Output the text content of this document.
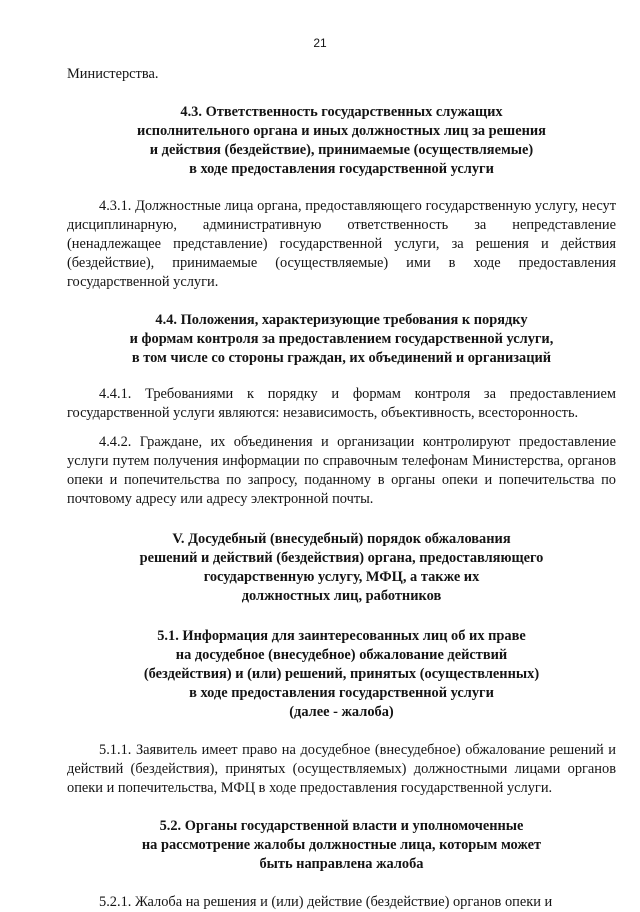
21

Министерства.

4.3. Ответственность государственных служащих
исполнительного органа и иных должностных лиц за решения
и действия (бездействие), принимаемые (осуществляемые)
в ходе предоставления государственной услуги

4.3.1. Должностные лица органа, предоставляющего государственную услугу, несут дисциплинарную, административную ответственность за непредставление (ненадлежащее представление) государственной услуги, за решения и действия (бездействие), принимаемые (осуществляемые) ими в ходе предоставления государственной услуги.

4.4. Положения, характеризующие требования к порядку
и формам контроля за предоставлением государственной услуги,
в том числе со стороны граждан, их объединений и организаций

4.4.1. Требованиями к порядку и формам контроля за предоставлением государственной услуги являются: независимость, объективность, всесторонность.

4.4.2. Граждане, их объединения и организации контролируют предоставление услуги путем получения информации по справочным телефонам Министерства, органов опеки и попечительства по запросу, поданному в органы опеки и попечительства по почтовому адресу или адресу электронной почты.

V. Досудебный (внесудебный) порядок обжалования
решений и действий (бездействия) органа, предоставляющего
государственную услугу, МФЦ, а также их
должностных лиц, работников
5.1. Информация для заинтересованных лиц об их праве
на досудебное (внесудебное) обжалование действий
(бездействия) и (или) решений, принятых (осуществленных)
в ходе предоставления государственной услуги
(далее - жалоба)

5.1.1. Заявитель имеет право на досудебное (внесудебное) обжалование решений и действий (бездействия), принятых (осуществляемых) должностными лицами органов опеки и попечительства, МФЦ в ходе предоставления государственной услуги.

5.2. Органы государственной власти и уполномоченные
на рассмотрение жалобы должностные лица, которым может
быть направлена жалоба

5.2.1. Жалоба на решения и (или) действие (бездействие) органов опеки и
